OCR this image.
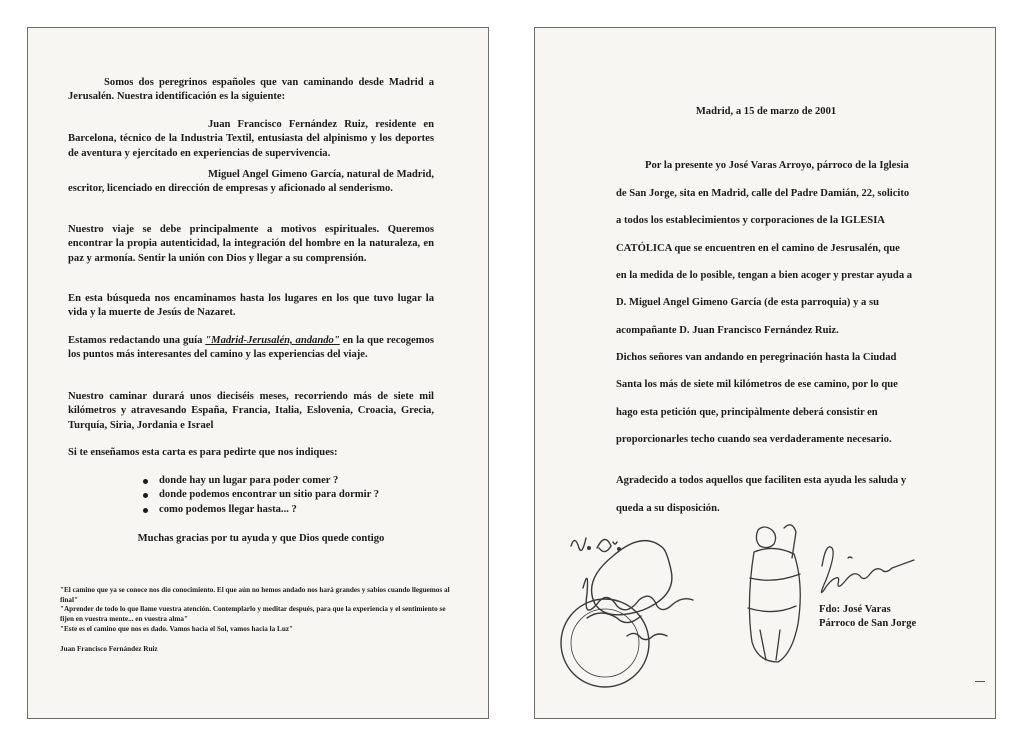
Somos dos peregrinos españoles que van caminando desde Madrid a Jerusalén. Nuestra identificación es la siguiente:

Juan Francisco Fernández Ruiz, residente en Barcelona, técnico de la Industria Textil, entusiasta del alpinismo y los deportes de aventura y ejercitado en experiencias de supervivencia.

Miguel Angel Gimeno García, natural de Madrid, escritor, licenciado en dirección de empresas y aficionado al senderismo.

Nuestro viaje se debe principalmente a motivos espirituales. Queremos encontrar la propia autenticidad, la integración del hombre en la naturaleza, en paz y armonía. Sentir la unión con Dios y llegar a su comprensión.

En esta búsqueda nos encaminamos hasta los lugares en los que tuvo lugar la vida y la muerte de Jesús de Nazaret.

Estamos redactando una guía "Madrid-Jerusalén, andando" en la que recogemos los puntos más interesantes del camino y las experiencias del viaje.

Nuestro caminar durará unos dieciséis meses, recorriendo más de siete mil kilómetros y atravesando España, Francia, Italia, Eslovenia, Croacia, Grecia, Turquía, Siria, Jordania e Israel

Si te enseñamos esta carta es para pedirte que nos indiques:

donde hay un lugar para poder comer ?
donde podemos encontrar un sitio para dormir ?
como podemos llegar hasta... ?

Muchas gracias por tu ayuda y que Dios quede contigo

"El camino que ya se conoce nos dio conocimiento. El que aún no hemos andado nos hará grandes y sabios cuando lleguemos al final"

"Aprender de todo lo que llame vuestra atención. Contemplarlo y meditar después, para que la experiencia y el sentimiento se fijen en vuestra mente... en vuestra alma"

"Este es el camino que nos es dado. Vamos hacia el Sol, vamos hacia la Luz"

Juan Francisco Fernández Ruiz

Madrid, a 15 de marzo de 2001

Por la presente yo José Varas Arroyo, párroco de la Iglesia

de San Jorge, sita en Madrid, calle del Padre Damián, 22, solicito

a todos los establecimientos y corporaciones de la IGLESIA

CATÓLICA que se encuentren en el camino de Jesrusalén, que

en la medida de lo posible, tengan a bien acoger y prestar ayuda a

D. Miguel Angel Gimeno García (de esta parroquia) y a su

acompañante D. Juan Francisco Fernández Ruiz.

Dichos señores van andando en peregrinación hasta la Ciudad

Santa los más de siete mil kilómetros de ese camino, por lo que

hago esta petición que, principàlmente deberá consistir en

proporcionarles techo cuando sea verdaderamente necesario.

Agradecido a todos aquellos que faciliten esta ayuda les saluda y

queda a su disposición.

Fdo: José Varas

Párroco de San Jorge
